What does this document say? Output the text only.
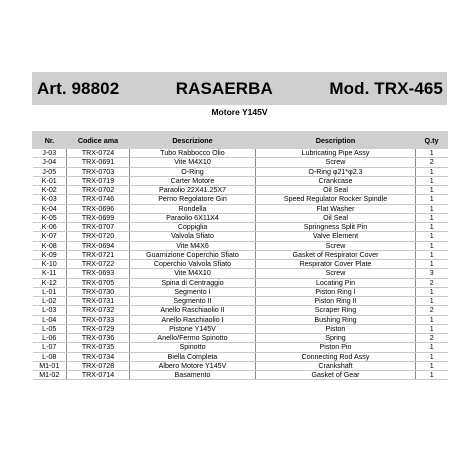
Art. 98802	RASAERBA	Mod. TRX-465
Motore Y145V
Nr.	Codice ama	Descrizione	Description	Q.ty
J-03	TRX-0724	Tubo Rabbocco Olio	Lubricating Pipe Assy	1
J-04	TRX-0691	Vite M4X10	Screw	2
J-05	TRX-0703	O-Ring	O-Ring φ21*φ2.3	1
K-01	TRX-0719	Carter Motore	Crankcase	1
K-02	TRX-0702	Paraolio 22X41.25X7	Oil Seal	1
K-03	TRX-0746	Perno Regolatore Giri	Speed Regulator Rocker Spindle	1
K-04	TRX-0696	Rondella	Flat Washer	1
K-05	TRX-0699	Paraolio 6X11X4	Oil Seal	1
K-06	TRX-0707	Coppiglia	Springness Split Pin	1
K-07	TRX-0720	Valvola Sfiato	Valve Element	1
K-08	TRX-0694	Vite M4X6	Screw	1
K-09	TRX-0721	Guarnizione Coperchio Sfiato	Gasket of Respirator Cover	1
K-10	TRX-0722	Coperchio Valvola Sfiato	Respirator Cover Plate	1
K-11	TRX-0693	Vite M4X10	Screw	3
K-12	TRX-0705	Spina di Centraggio	Locating Pin	2
L-01	TRX-0730	Segmento I	Piston Ring I	1
L-02	TRX-0731	Segmento II	Piston Ring II	1
L-03	TRX-0732	Anello Raschiaolio II	Scraper Ring	2
L-04	TRX-0733	Anello Raschiaolio I	Bushing Ring	1
L-05	TRX-0729	Pistone Y145V	Piston	1
L-06	TRX-0736	Anello/Fermo Spinotto	Spring	2
L-07	TRX-0735	Spinotto	Piston Pin	1
L-08	TRX-0734	Biella Completa	Connecting Rod Assy	1
M1-01	TRX-0728	Albero Motore Y145V	Crankshaft	1
M1-02	TRX-0714	Basamento	Gasket of Gear	1
